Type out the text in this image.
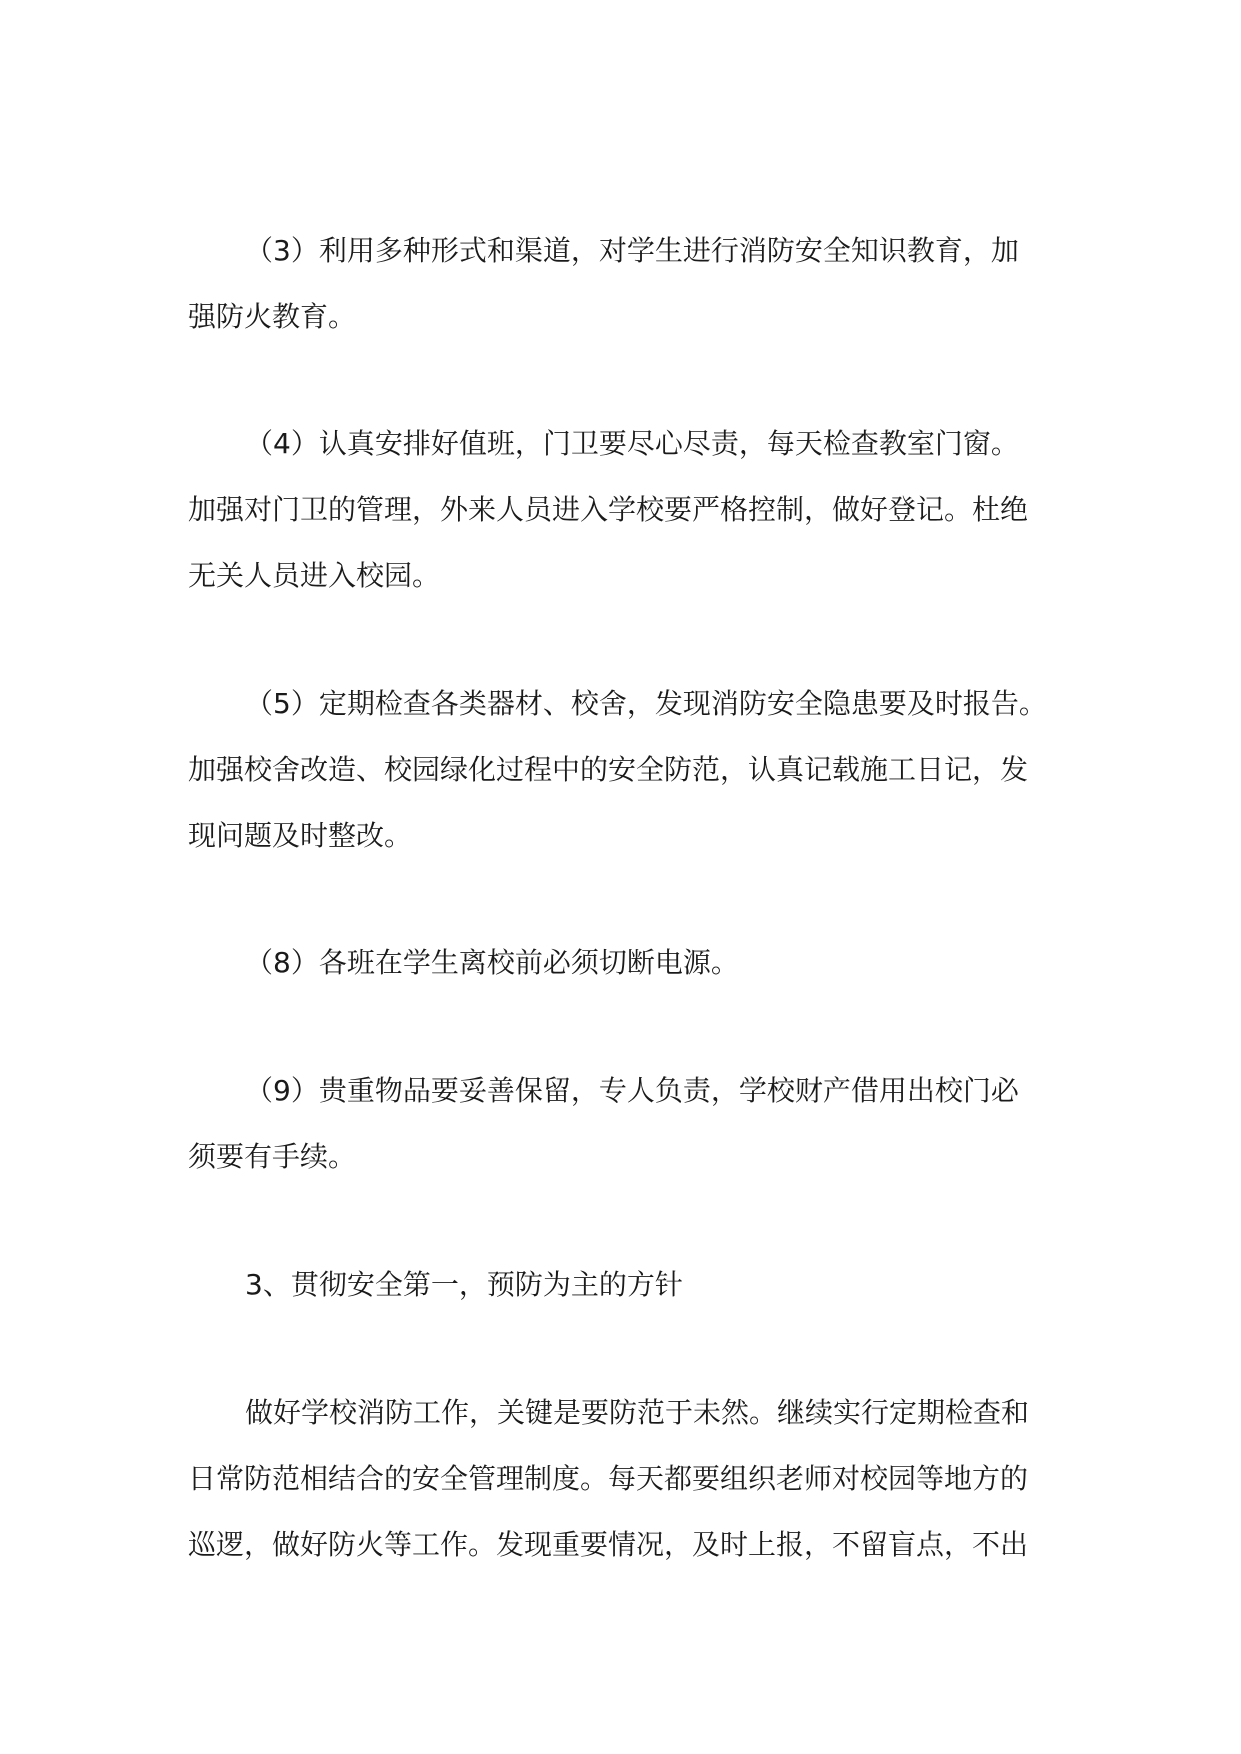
（3）利用多种形式和渠道，对学生进行消防安全知识教育，加
强防火教育。
（4）认真安排好值班，门卫要尽心尽责，每天检查教室门窗。
加强对门卫的管理，外来人员进入学校要严格控制，做好登记。杜绝
无关人员进入校园。
（5）定期检查各类器材、校舍，发现消防安全隐患要及时报告。
加强校舍改造、校园绿化过程中的安全防范，认真记载施工日记，发
现问题及时整改。
（8）各班在学生离校前必须切断电源。
（9）贵重物品要妥善保留，专人负责，学校财产借用出校门必
须要有手续。
3、贯彻安全第一，预防为主的方针
做好学校消防工作，关键是要防范于未然。继续实行定期检查和
日常防范相结合的安全管理制度。每天都要组织老师对校园等地方的
巡逻，做好防火等工作。发现重要情况，及时上报，不留盲点，不出
